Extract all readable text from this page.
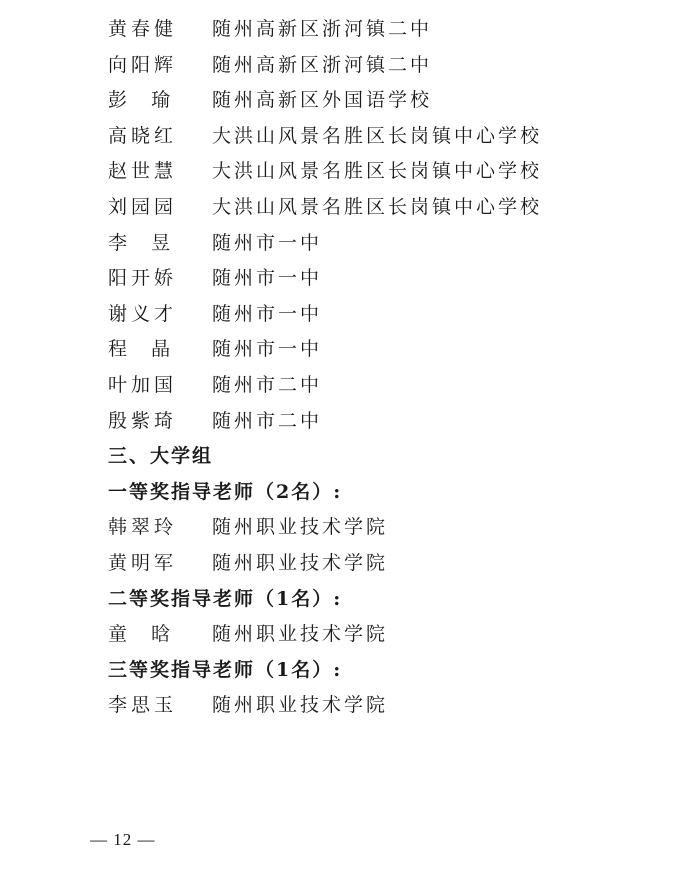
黄春健	随州高新区浙河镇二中
向阳辉	随州高新区浙河镇二中
彭  瑜	随州高新区外国语学校
高晓红	大洪山风景名胜区长岗镇中心学校
赵世慧	大洪山风景名胜区长岗镇中心学校
刘园园	大洪山风景名胜区长岗镇中心学校
李  昱	随州市一中
阳开娇	随州市一中
谢义才	随州市一中
程  晶	随州市一中
叶加国	随州市二中
殷紫琦	随州市二中
三、大学组
一等奖指导老师（2名）:
韩翠玲	随州职业技术学院
黄明军	随州职业技术学院
二等奖指导老师（1名）:
童  晗	随州职业技术学院
三等奖指导老师（1名）:
李思玉	随州职业技术学院
— 12 —
